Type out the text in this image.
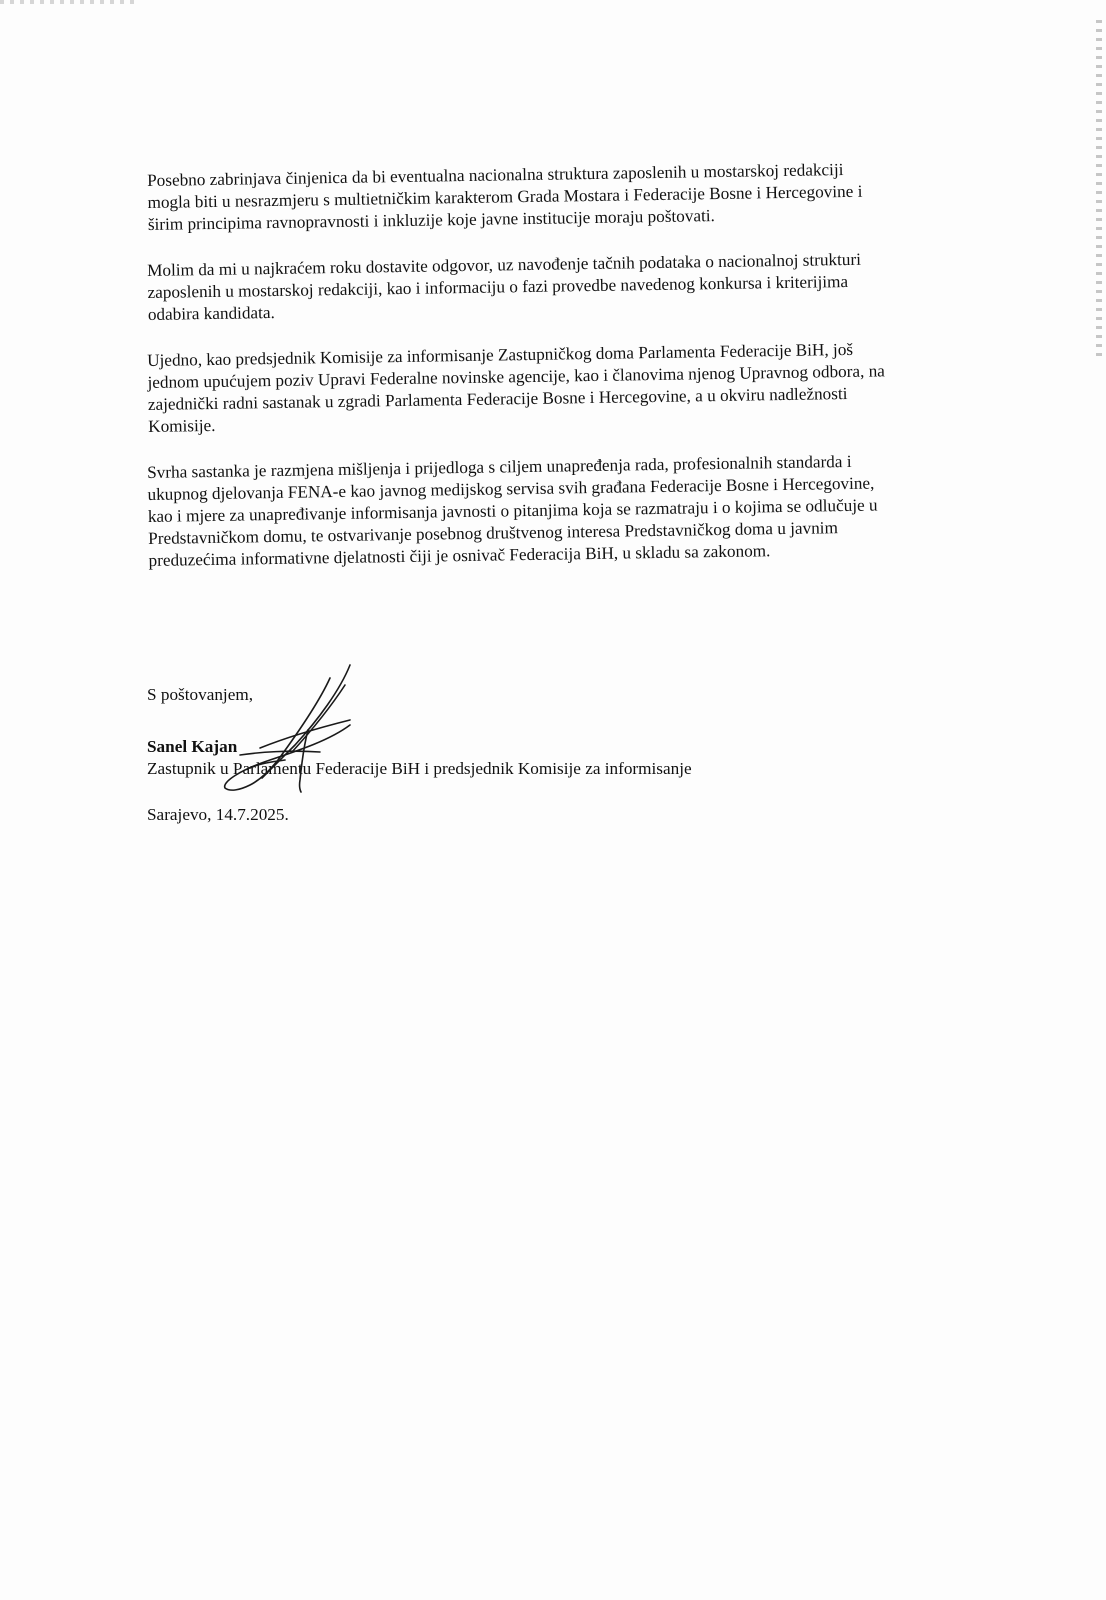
Posebno zabrinjava činjenica da bi eventualna nacionalna struktura zaposlenih u mostarskoj redakciji mogla biti u nesrazmjeru s multietničkim karakterom Grada Mostara i Federacije Bosne i Hercegovine i širim principima ravnopravnosti i inkluzije koje javne institucije moraju poštovati.

Molim da mi u najkraćem roku dostavite odgovor, uz navođenje tačnih podataka o nacionalnoj strukturi zaposlenih u mostarskoj redakciji, kao i informaciju o fazi provedbe navedenog konkursa i kriterijima odabira kandidata.

Ujedno, kao predsjednik Komisije za informisanje Zastupničkog doma Parlamenta Federacije BiH, još jednom upućujem poziv Upravi Federalne novinske agencije, kao i članovima njenog Upravnog odbora, na zajednički radni sastanak u zgradi Parlamenta Federacije Bosne i Hercegovine, a u okviru nadležnosti Komisije.

Svrha sastanka je razmjena mišljenja i prijedloga s ciljem unapređenja rada, profesionalnih standarda i ukupnog djelovanja FENA-e kao javnog medijskog servisa svih građana Federacije Bosne i Hercegovine, kao i mjere za unapređivanje informisanja javnosti o pitanjima koja se razmatraju i o kojima se odlučuje u Predstavničkom domu, te ostvarivanje posebnog društvenog interesa Predstavničkog doma u javnim preduzećima informativne djelatnosti čiji je osnivač Federacija BiH, u skladu sa zakonom.

S poštovanjem,

Sanel Kajan

Zastupnik u Parlamentu Federacije BiH i predsjednik Komisije za informisanje

Sarajevo, 14.7.2025.
